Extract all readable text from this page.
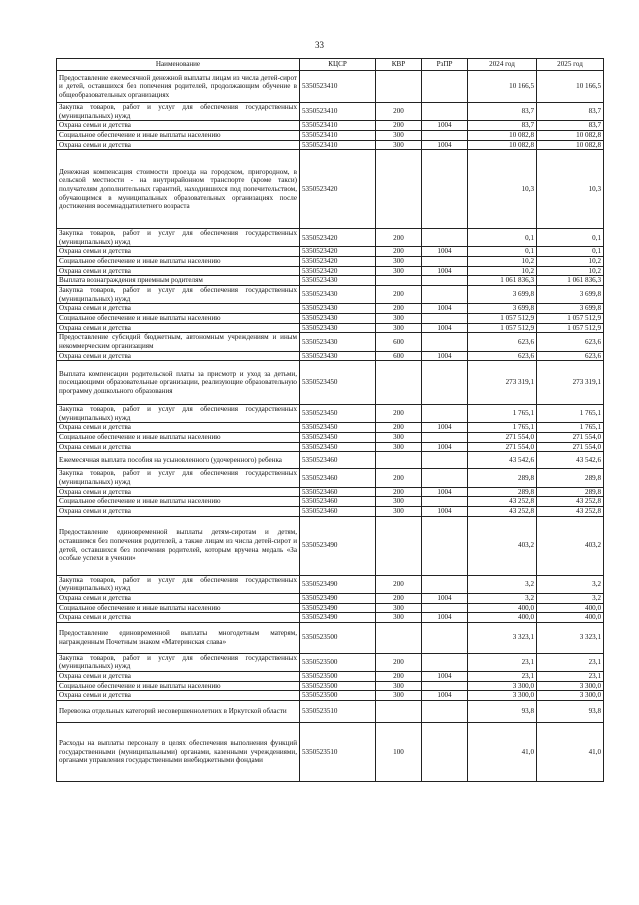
33
Наименование	КЦСР	КВР	РзПР	2024 год	2025 год
Предоставление ежемесячной денежной выплаты лицам из числа детей-сирот и детей, оставшихся без попечения родителей, продолжающим обучение в общеобразовательных организациях	5350523410			10 166,5	10 166,5
Закупка товаров, работ и услуг для обеспечения государственных (муниципальных) нужд	5350523410	200		83,7	83,7
Охрана семьи и детства	5350523410	200	1004	83,7	83,7
Социальное обеспечение и иные выплаты населению	5350523410	300		10 082,8	10 082,8
Охрана семьи и детства	5350523410	300	1004	10 082,8	10 082,8
Денежная компенсация стоимости проезда на городском, пригородном, в сельской местности - на внутрирайонном транспорте (кроме такси) получателям дополнительных гарантий, находившихся под попечительством, обучающимся в муниципальных образовательных организациях после достижения восемнадцатилетнего возраста	5350523420			10,3	10,3
Закупка товаров, работ и услуг для обеспечения государственных (муниципальных) нужд	5350523420	200		0,1	0,1
Охрана семьи и детства	5350523420	200	1004	0,1	0,1
Социальное обеспечение и иные выплаты населению	5350523420	300		10,2	10,2
Охрана семьи и детства	5350523420	300	1004	10,2	10,2
Выплата вознаграждения приемным родителям	5350523430			1 061 836,3	1 061 836,3
Закупка товаров, работ и услуг для обеспечения государственных (муниципальных) нужд	5350523430	200		3 699,8	3 699,8
Охрана семьи и детства	5350523430	200	1004	3 699,8	3 699,8
Социальное обеспечение и иные выплаты населению	5350523430	300		1 057 512,9	1 057 512,9
Охрана семьи и детства	5350523430	300	1004	1 057 512,9	1 057 512,9
Предоставление субсидий бюджетным, автономным учреждениям и иным некоммерческим организациям	5350523430	600		623,6	623,6
Охрана семьи и детства	5350523430	600	1004	623,6	623,6
Выплата компенсации родительской платы за присмотр и уход за детьми, посещающими образовательные организации, реализующие образовательную программу дошкольного образования	5350523450			273 319,1	273 319,1
Закупка товаров, работ и услуг для обеспечения государственных (муниципальных) нужд	5350523450	200		1 765,1	1 765,1
Охрана семьи и детства	5350523450	200	1004	1 765,1	1 765,1
Социальное обеспечение и иные выплаты населению	5350523450	300		271 554,0	271 554,0
Охрана семьи и детства	5350523450	300	1004	271 554,0	271 554,0
Ежемесячная выплата пособия на усыновленного (удочеренного) ребенка	5350523460			43 542,6	43 542,6
Закупка товаров, работ и услуг для обеспечения государственных (муниципальных) нужд	5350523460	200		289,8	289,8
Охрана семьи и детства	5350523460	200	1004	289,8	289,8
Социальное обеспечение и иные выплаты населению	5350523460	300		43 252,8	43 252,8
Охрана семьи и детства	5350523460	300	1004	43 252,8	43 252,8
Предоставление единовременной выплаты детям-сиротам и детям, оставшимся без попечения родителей, а также лицам из числа детей-сирот и детей, оставшихся без попечения родителей, которым вручена медаль «За особые успехи в учении»	5350523490			403,2	403,2
Закупка товаров, работ и услуг для обеспечения государственных (муниципальных) нужд	5350523490	200		3,2	3,2
Охрана семьи и детства	5350523490	200	1004	3,2	3,2
Социальное обеспечение и иные выплаты населению	5350523490	300		400,0	400,0
Охрана семьи и детства	5350523490	300	1004	400,0	400,0
Предоставление единовременной выплаты многодетным матерям, награжденным Почетным знаком «Материнская слава»	5350523500			3 323,1	3 323,1
Закупка товаров, работ и услуг для обеспечения государственных (муниципальных) нужд	5350523500	200		23,1	23,1
Охрана семьи и детства	5350523500	200	1004	23,1	23,1
Социальное обеспечение и иные выплаты населению	5350523500	300		3 300,0	3 300,0
Охрана семьи и детства	5350523500	300	1004	3 300,0	3 300,0
Перевозка отдельных категорий несовершеннолетних в Иркутской области	5350523510			93,8	93,8
Расходы на выплаты персоналу в целях обеспечения выполнения функций государственными (муниципальными) органами, казенными учреждениями, органами управления государственными внебюджетными фондами	5350523510	100		41,0	41,0
